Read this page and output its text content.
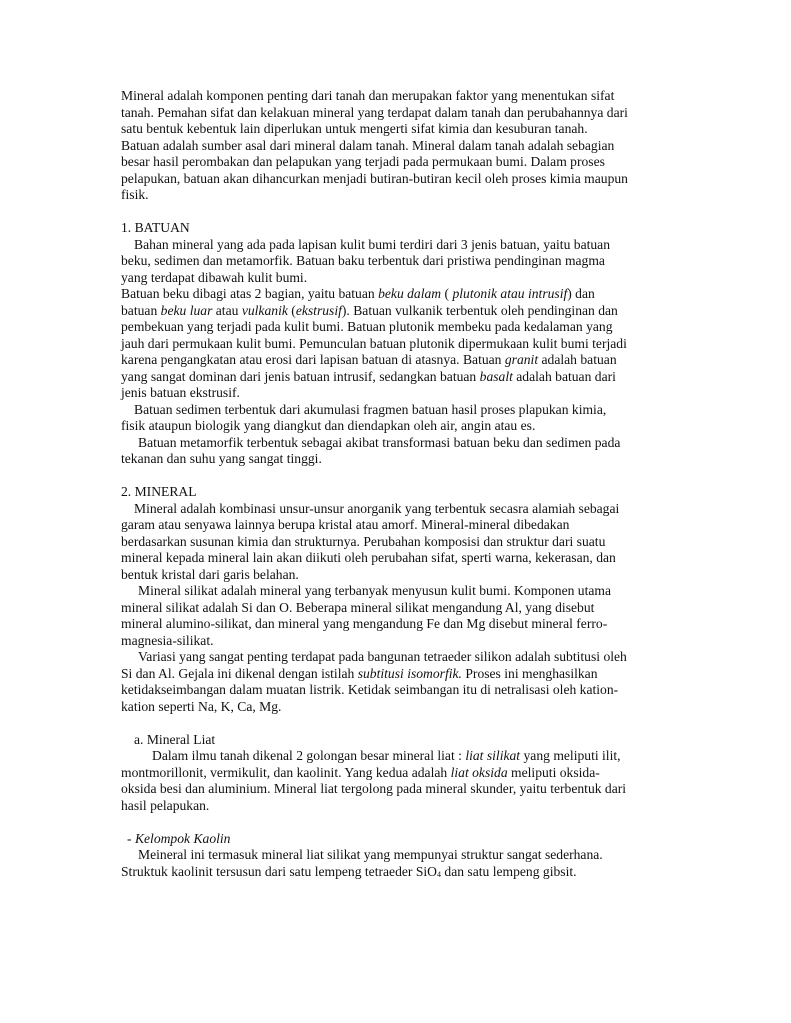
Mineral adalah komponen penting dari tanah dan merupakan faktor yang menentukan sifat
tanah. Pemahan sifat dan kelakuan mineral yang terdapat dalam tanah dan perubahannya dari
satu bentuk kebentuk lain diperlukan untuk mengerti sifat kimia dan kesuburan tanah.
Batuan adalah sumber asal dari mineral dalam tanah. Mineral dalam tanah adalah sebagian
besar hasil perombakan dan pelapukan yang terjadi pada permukaan bumi. Dalam proses
pelapukan, batuan akan dihancurkan menjadi butiran-butiran kecil oleh proses kimia maupun
fisik.

1. BATUAN

Bahan mineral yang ada pada lapisan kulit bumi terdiri dari 3 jenis batuan, yaitu batuan
beku, sedimen dan metamorfik. Batuan baku terbentuk dari pristiwa pendinginan magma
yang terdapat dibawah kulit bumi.

Batuan beku dibagi atas 2 bagian, yaitu batuan beku dalam ( plutonik atau intrusif) dan
batuan beku luar atau vulkanik (ekstrusif). Batuan vulkanik terbentuk oleh pendinginan dan
pembekuan yang terjadi pada kulit bumi. Batuan plutonik membeku pada kedalaman yang
jauh dari permukaan kulit bumi. Pemunculan batuan plutonik dipermukaan kulit bumi terjadi
karena pengangkatan atau erosi dari lapisan batuan di atasnya. Batuan granit adalah batuan
yang sangat dominan dari jenis batuan intrusif, sedangkan batuan basalt adalah batuan dari
jenis batuan ekstrusif.

Batuan sedimen terbentuk dari akumulasi fragmen batuan hasil proses plapukan kimia,
fisik ataupun biologik yang diangkut dan diendapkan oleh air, angin atau es.

Batuan metamorfik terbentuk sebagai akibat transformasi batuan beku dan sedimen pada
tekanan dan suhu yang sangat tinggi.

2. MINERAL

Mineral adalah kombinasi unsur-unsur anorganik yang terbentuk secasra alamiah sebagai
garam atau senyawa lainnya berupa kristal atau amorf. Mineral-mineral dibedakan
berdasarkan susunan kimia dan strukturnya. Perubahan komposisi dan struktur dari suatu
mineral kepada mineral lain akan diikuti oleh perubahan sifat, sperti warna, kekerasan, dan
bentuk kristal dari garis belahan.

Mineral silikat adalah mineral yang terbanyak menyusun kulit bumi. Komponen utama
mineral silikat adalah Si dan O. Beberapa mineral silikat mengandung Al, yang disebut
mineral alumino-silikat, dan mineral yang mengandung Fe dan Mg disebut mineral ferro-
magnesia-silikat.

Variasi yang sangat penting terdapat pada bangunan tetraeder silikon adalah subtitusi oleh
Si dan Al. Gejala ini dikenal dengan istilah subtitusi isomorfik. Proses ini menghasilkan
ketidakseimbangan dalam muatan listrik. Ketidak seimbangan itu di netralisasi oleh kation-
kation seperti Na, K, Ca, Mg.

a. Mineral Liat

Dalam ilmu tanah dikenal 2 golongan besar mineral liat : liat silikat yang meliputi ilit,
montmorillonit, vermikulit, dan kaolinit. Yang kedua adalah liat oksida meliputi oksida-
oksida besi dan aluminium. Mineral liat tergolong pada mineral skunder, yaitu terbentuk dari
hasil pelapukan.

- Kelompok Kaolin

Meineral ini termasuk mineral liat silikat yang mempunyai struktur sangat sederhana.
Struktuk kaolinit tersusun dari satu lempeng tetraeder SiO$_4$ dan satu lempeng gibsit.
